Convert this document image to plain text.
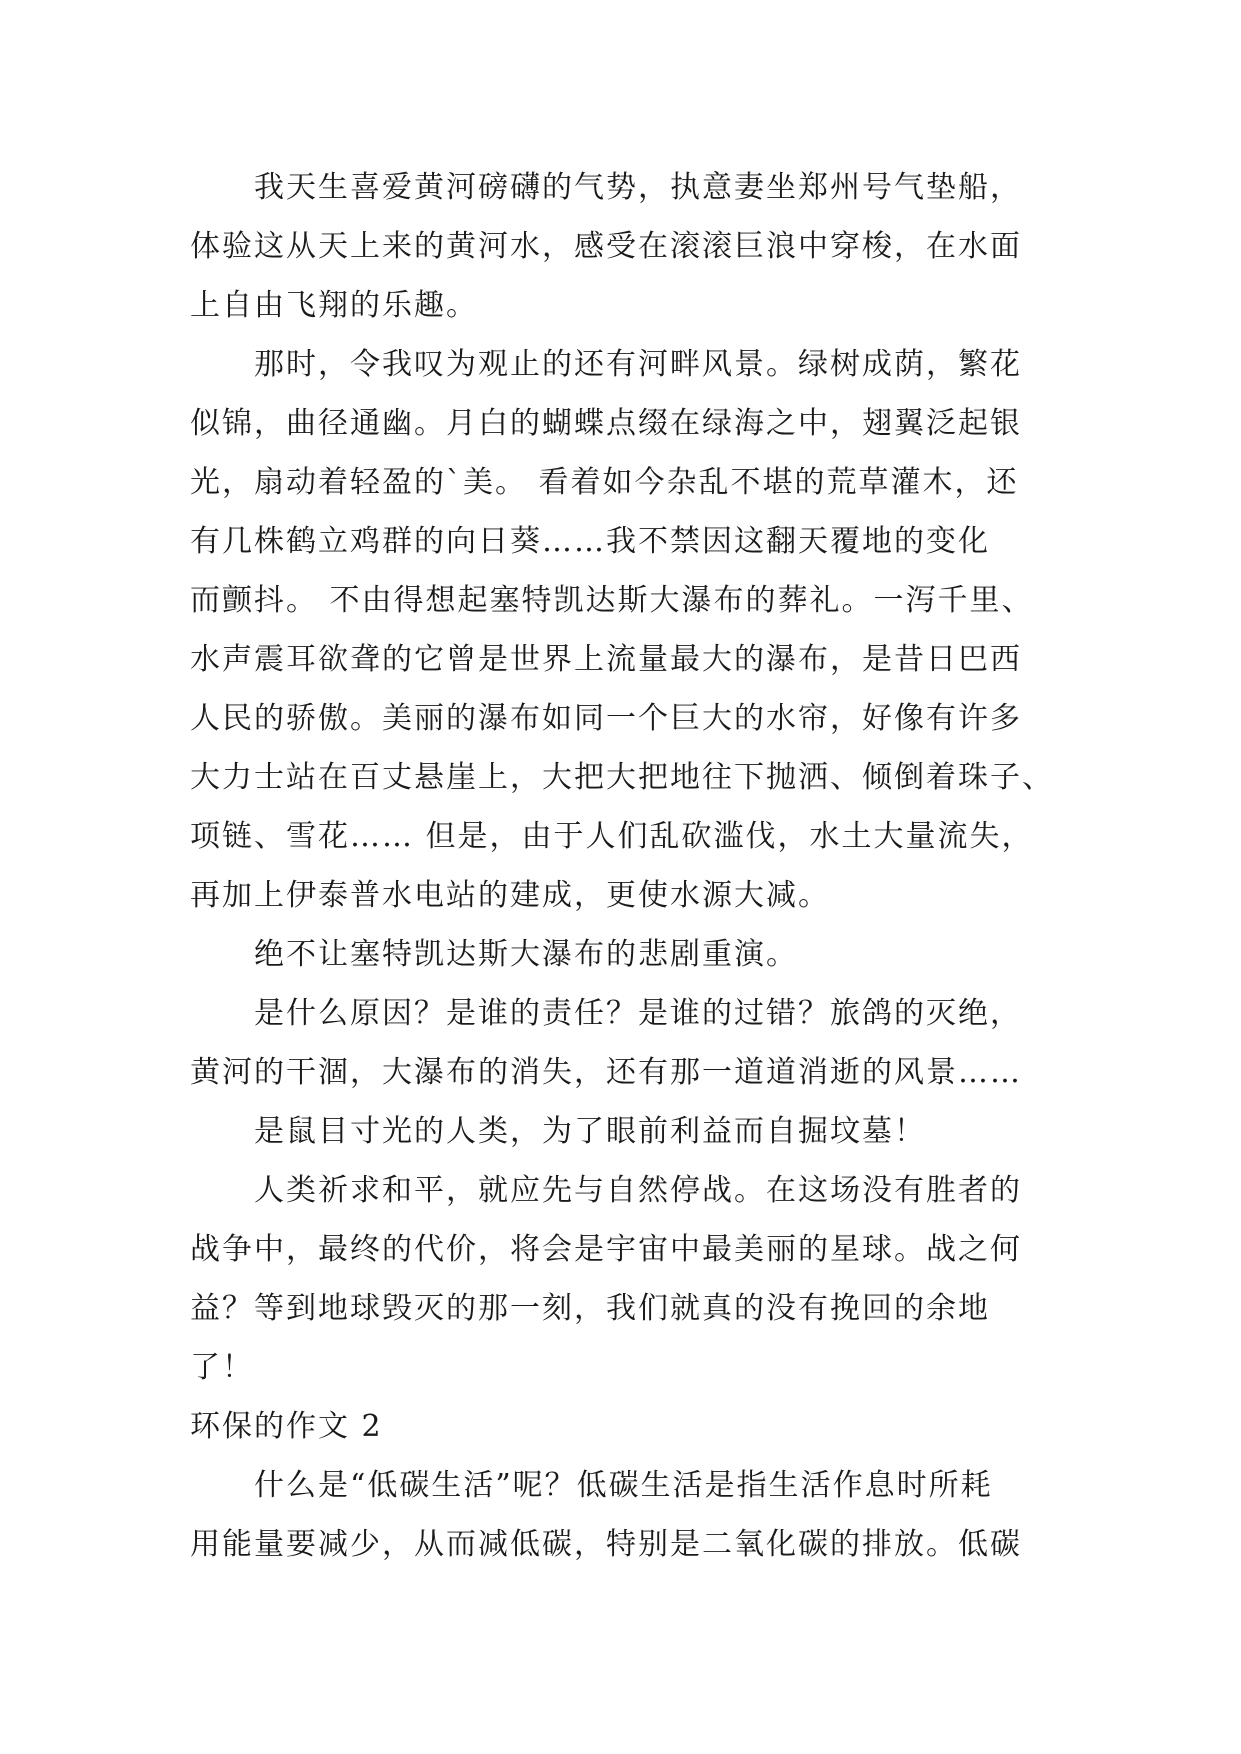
我天生喜爱黄河磅礴的气势，执意妻坐郑州号气垫船，
体验这从天上来的黄河水，感受在滚滚巨浪中穿梭，在水面
上自由飞翔的乐趣。
那时，令我叹为观止的还有河畔风景。绿树成荫，繁花
似锦，曲径通幽。月白的蝴蝶点缀在绿海之中，翅翼泛起银
光，扇动着轻盈的`美。 看着如今杂乱不堪的荒草灌木，还
有几株鹤立鸡群的向日葵……我不禁因这翻天覆地的变化
而颤抖。 不由得想起塞特凯达斯大瀑布的葬礼。一泻千里、
水声震耳欲聋的它曾是世界上流量最大的瀑布，是昔日巴西
人民的骄傲。美丽的瀑布如同一个巨大的水帘，好像有许多
大力士站在百丈悬崖上，大把大把地往下抛洒、倾倒着珠子、
项链、雪花…… 但是，由于人们乱砍滥伐，水土大量流失，
再加上伊泰普水电站的建成，更使水源大减。
绝不让塞特凯达斯大瀑布的悲剧重演。
是什么原因？是谁的责任？是谁的过错？旅鸽的灭绝，
黄河的干涸，大瀑布的消失，还有那一道道消逝的风景……
是鼠目寸光的人类，为了眼前利益而自掘坟墓！
人类祈求和平，就应先与自然停战。在这场没有胜者的
战争中，最终的代价，将会是宇宙中最美丽的星球。战之何
益？等到地球毁灭的那一刻，我们就真的没有挽回的余地
了！
环保的作文 2
什么是“低碳生活”呢？低碳生活是指生活作息时所耗
用能量要减少，从而减低碳，特别是二氧化碳的排放。低碳
